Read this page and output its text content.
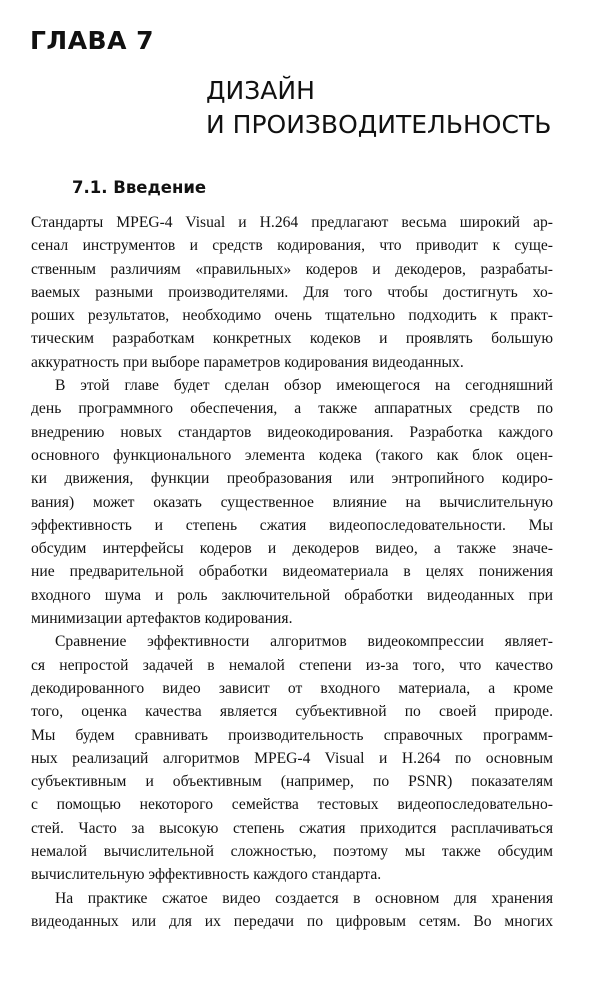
ГЛАВА 7
ДИЗАЙН
И ПРОИЗВОДИТЕЛЬНОСТЬ
7.1. Введение

Стандарты MPEG-4 Visual и H.264 предлагают весьма широкий ар-
сенал инструментов и средств кодирования, что приводит к суще-
ственным различиям «правильных» кодеров и декодеров, разрабаты-
ваемых разными производителями. Для того чтобы достигнуть хо-
роших результатов, необходимо очень тщательно подходить к практ-
тическим разработкам конкретных кодеков и проявлять большую
аккуратность при выборе параметров кодирования видеоданных.

В этой главе будет сделан обзор имеющегося на сегодняшний
день программного обеспечения, а также аппаратных средств по
внедрению новых стандартов видеокодирования. Разработка каждого
основного функционального элемента кодека (такого как блок оцен-
ки движения, функции преобразования или энтропийного кодиро-
вания) может оказать существенное влияние на вычислительную
эффективность и степень сжатия видеопоследовательности. Мы
обсудим интерфейсы кодеров и декодеров видео, а также значе-
ние предварительной обработки видеоматериала в целях понижения
входного шума и роль заключительной обработки видеоданных при
минимизации артефактов кодирования.

Сравнение эффективности алгоритмов видеокомпрессии являет-
ся непростой задачей в немалой степени из-за того, что качество
декодированного видео зависит от входного материала, а кроме
того, оценка качества является субъективной по своей природе.
Мы будем сравнивать производительность справочных программ-
ных реализаций алгоритмов MPEG-4 Visual и H.264 по основным
субъективным и объективным (например, по PSNR) показателям
с помощью некоторого семейства тестовых видеопоследовательно-
стей. Часто за высокую степень сжатия приходится расплачиваться
немалой вычислительной сложностью, поэтому мы также обсудим
вычислительную эффективность каждого стандарта.

На практике сжатое видео создается в основном для хранения
видеоданных или для их передачи по цифровым сетям. Во многих
